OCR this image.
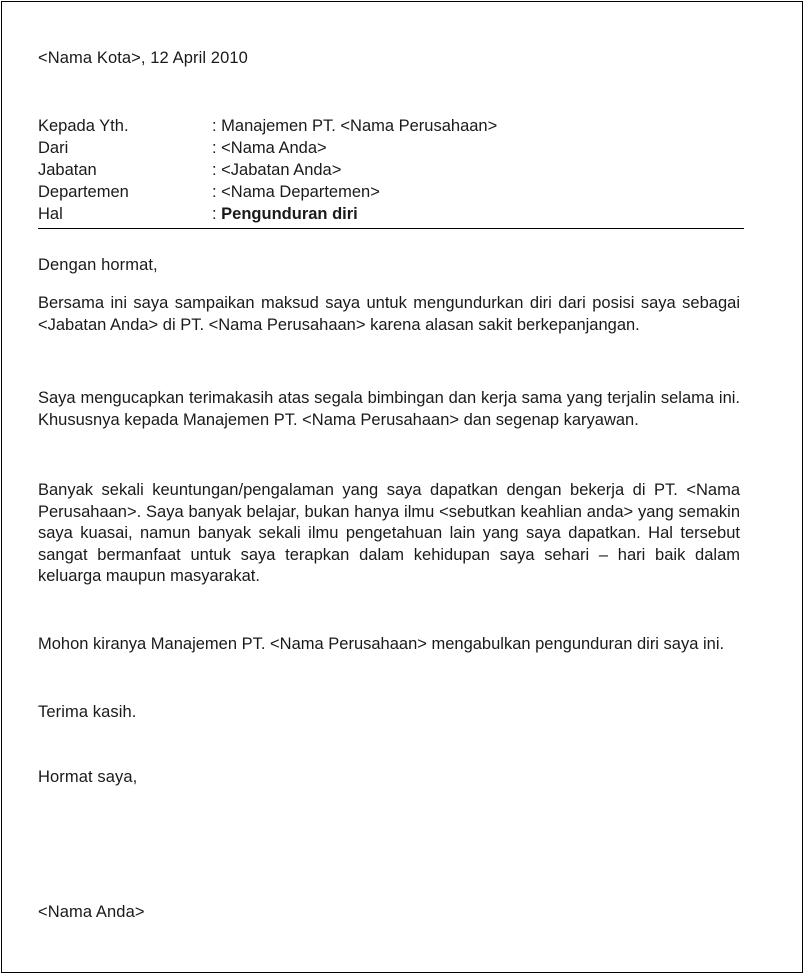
<Nama Kota>, 12 April 2010
Kepada Yth.	: Manajemen PT. <Nama Perusahaan>
Dari	: <Nama Anda>
Jabatan	: <Jabatan Anda>
Departemen	: <Nama Departemen>
Hal	: Pengunduran diri
Dengan hormat,
Bersama ini saya sampaikan maksud saya untuk mengundurkan diri dari posisi saya sebagai <Jabatan Anda> di PT. <Nama Perusahaan> karena alasan sakit berkepanjangan.
Saya mengucapkan terimakasih atas segala bimbingan dan kerja sama yang terjalin selama ini. Khususnya kepada Manajemen PT. <Nama Perusahaan> dan segenap karyawan.
Banyak sekali keuntungan/pengalaman yang saya dapatkan dengan bekerja di PT. <Nama Perusahaan>. Saya banyak belajar, bukan hanya ilmu <sebutkan keahlian anda> yang semakin saya kuasai, namun banyak sekali ilmu pengetahuan lain yang saya dapatkan. Hal tersebut sangat bermanfaat untuk saya terapkan dalam kehidupan saya sehari – hari baik dalam keluarga maupun masyarakat.
Mohon kiranya Manajemen PT. <Nama Perusahaan> mengabulkan pengunduran diri saya ini.
Terima kasih.
Hormat saya,
<Nama Anda>
